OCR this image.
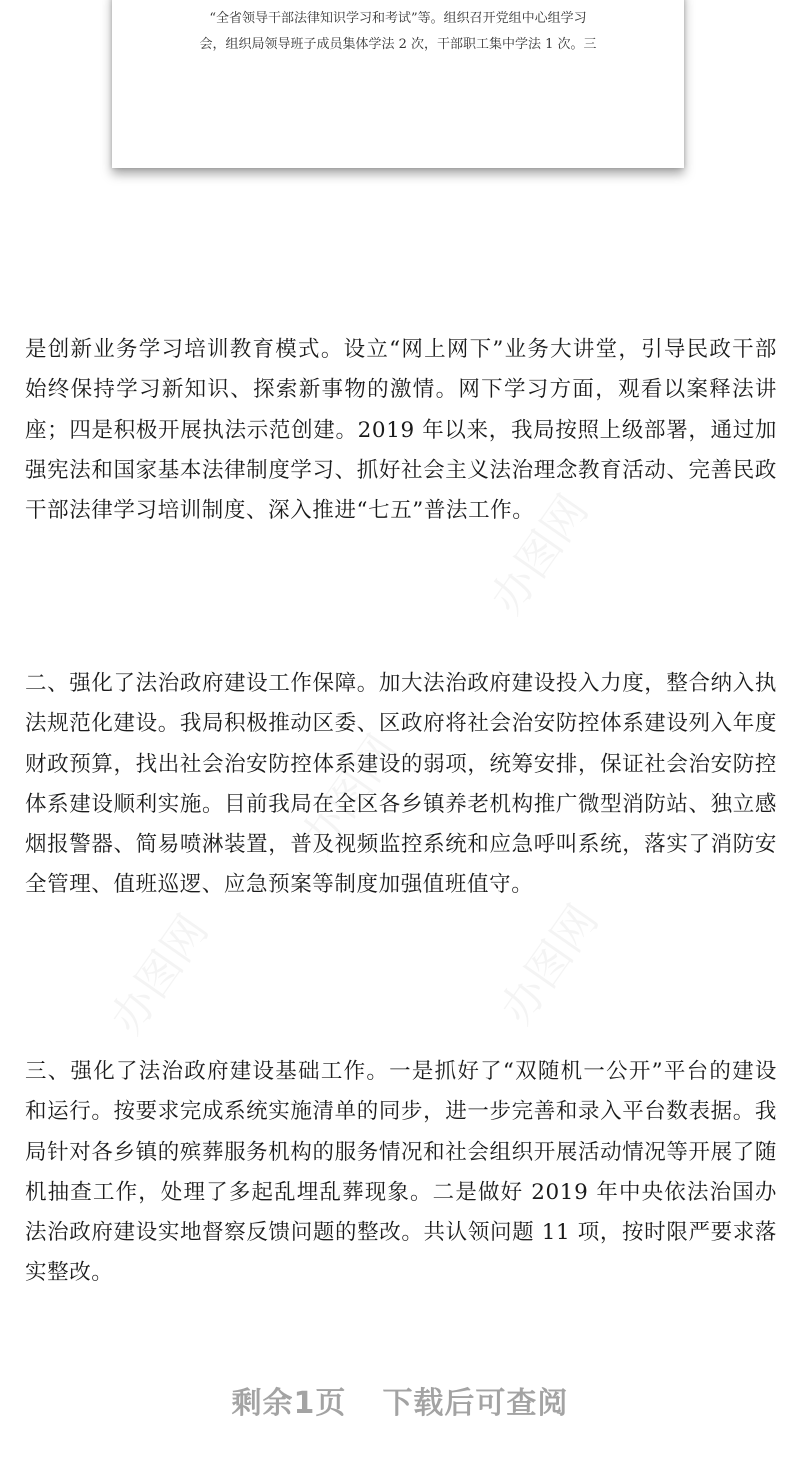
“全省领导干部法律知识学习和考试”等。组织召开党组中心组学习

会，组织局领导班子成员集体学法 2 次，干部职工集中学法 1 次。三

办图网
办图网
办图网
办图网

是创新业务学习培训教育模式。设立“网上网下”业务大讲堂，引导民政干部始终保持学习新知识、探索新事物的激情。网下学习方面，观看以案释法讲座；四是积极开展执法示范创建。2019 年以来，我局按照上级部署，通过加强宪法和国家基本法律制度学习、抓好社会主义法治理念教育活动、完善民政干部法律学习培训制度、深入推进“七五”普法工作。

二、强化了法治政府建设工作保障。加大法治政府建设投入力度，整合纳入执法规范化建设。我局积极推动区委、区政府将社会治安防控体系建设列入年度财政预算，找出社会治安防控体系建设的弱项，统筹安排，保证社会治安防控体系建设顺利实施。目前我局在全区各乡镇养老机构推广微型消防站、独立感烟报警器、简易喷淋装置，普及视频监控系统和应急呼叫系统，落实了消防安全管理、值班巡逻、应急预案等制度加强值班值守。

三、强化了法治政府建设基础工作。一是抓好了“双随机一公开”平台的建设和运行。按要求完成系统实施清单的同步，进一步完善和录入平台数表据。我局针对各乡镇的殡葬服务机构的服务情况和社会组织开展活动情况等开展了随机抽查工作，处理了多起乱埋乱葬现象。二是做好 2019 年中央依法治国办法治政府建设实地督察反馈问题的整改。共认领问题 11 项，按时限严要求落实整改。

剩余1页 下载后可查阅
